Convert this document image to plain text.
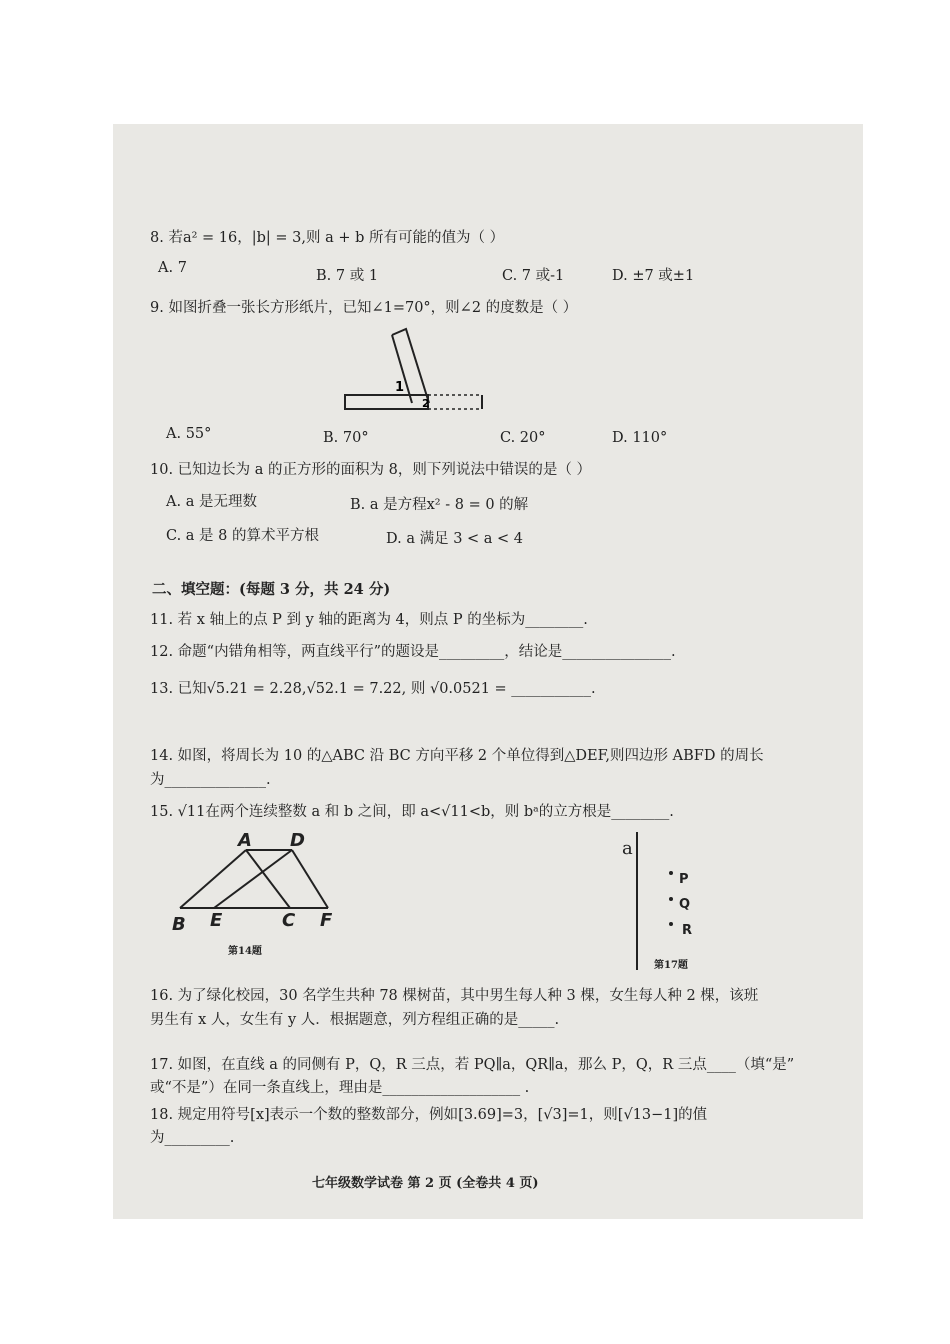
8. 若a² = 16，|b| = 3,则 a + b 所有可能的值为（ ）
A. 7	B. 7 或 1	C. 7 或-1	D. ±7 或±1
9. 如图折叠一张长方形纸片，已知∠1=70°，则∠2 的度数是（ ）
1
2
A. 55°	B. 70°	C. 20°	D. 110°
10. 已知边长为 a 的正方形的面积为 8，则下列说法中错误的是（ ）
A. a 是无理数	B. a 是方程x² - 8 = 0 的解
C. a 是 8 的算术平方根	D. a 满足 3 < a < 4
二、填空题：(每题 3 分，共 24 分)
11. 若 x 轴上的点 P 到 y 轴的距离为 4，则点 P 的坐标为________.
12. 命题“内错角相等，两直线平行”的题设是_________，结论是_______________.
13. 已知√5.21 = 2.28,√52.1 = 7.22, 则 √0.0521 = ___________.
14. 如图，将周长为 10 的△ABC 沿 BC 方向平移 2 个单位得到△DEF,则四边形 ABFD 的周长
为______________.
15. √11在两个连续整数 a 和 b 之间，即 a<√11<b，则 bᵃ的立方根是________.
A D
B E	C F
第14题
a
P
Q
R
第17题
16. 为了绿化校园，30 名学生共种 78 棵树苗，其中男生每人种 3 棵，女生每人种 2 棵，该班
男生有 x 人，女生有 y 人．根据题意，列方程组正确的是_____.
17. 如图，在直线 a 的同侧有 P，Q，R 三点，若 PQ∥a，QR∥a，那么 P，Q，R 三点____（填“是”
或“不是”）在同一条直线上，理由是___________________ .
18. 规定用符号[x]表示一个数的整数部分，例如[3.69]=3，[√3]=1，则[√13−1]的值
为_________.
七年级数学试卷 第 2 页 (全卷共 4 页)
